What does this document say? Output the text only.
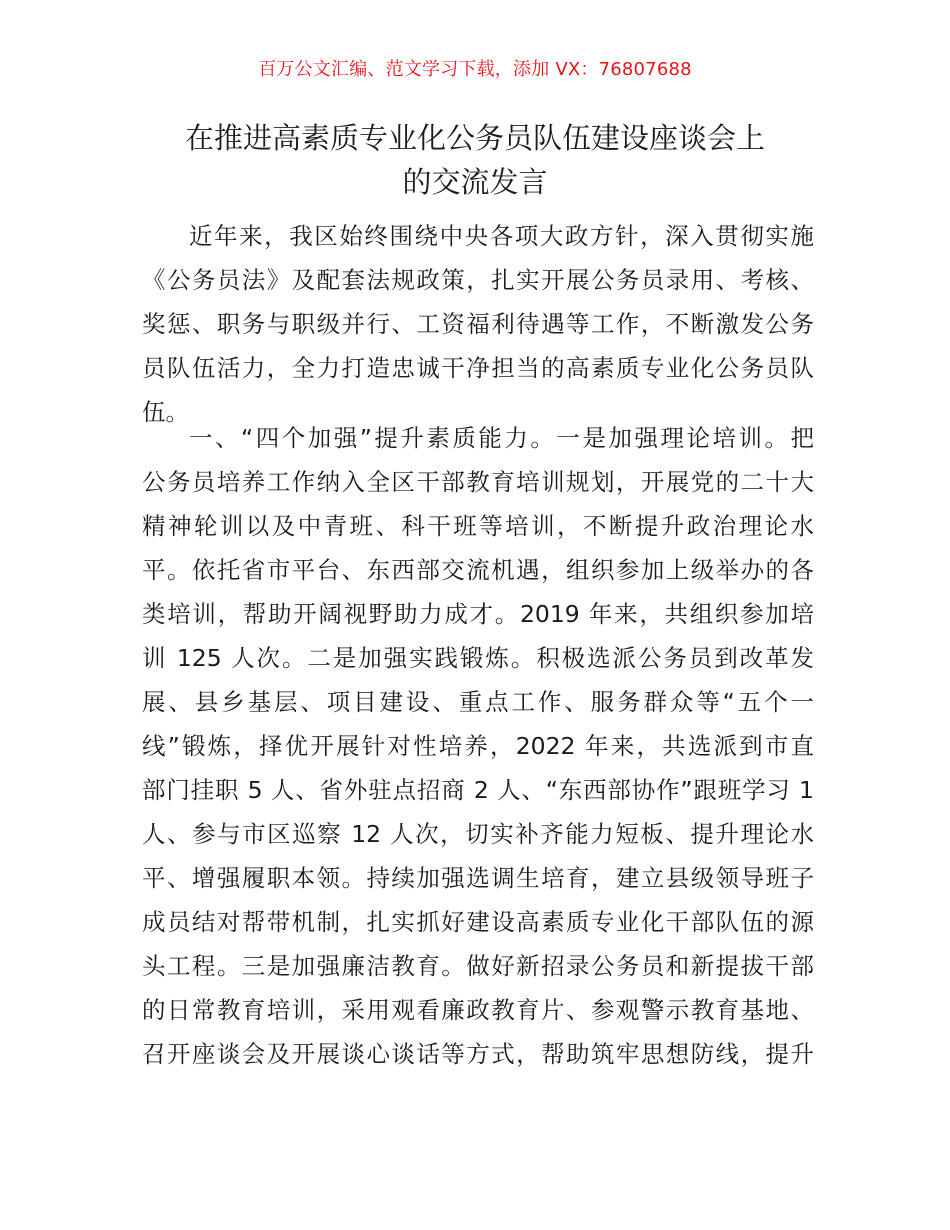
百万公文汇编、范文学习下载，添加 VX：76807688
在推进高素质专业化公务员队伍建设座谈会上
的交流发言
近年来，我区始终围绕中央各项大政方针，深入贯彻实施
《公务员法》及配套法规政策，扎实开展公务员录用、考核、
奖惩、职务与职级并行、工资福利待遇等工作，不断激发公务
员队伍活力，全力打造忠诚干净担当的高素质专业化公务员队
伍。
一、“四个加强”提升素质能力。一是加强理论培训。把
公务员培养工作纳入全区干部教育培训规划，开展党的二十大
精神轮训以及中青班、科干班等培训，不断提升政治理论水
平。依托省市平台、东西部交流机遇，组织参加上级举办的各
类培训，帮助开阔视野助力成才。2019 年来，共组织参加培
训 125 人次。二是加强实践锻炼。积极选派公务员到改革发
展、县乡基层、项目建设、重点工作、服务群众等“五个一
线”锻炼，择优开展针对性培养，2022 年来，共选派到市直
部门挂职 5 人、省外驻点招商 2 人、“东西部协作”跟班学习 1
人、参与市区巡察 12 人次，切实补齐能力短板、提升理论水
平、增强履职本领。持续加强选调生培育，建立县级领导班子
成员结对帮带机制，扎实抓好建设高素质专业化干部队伍的源
头工程。三是加强廉洁教育。做好新招录公务员和新提拔干部
的日常教育培训，采用观看廉政教育片、参观警示教育基地、
召开座谈会及开展谈心谈话等方式，帮助筑牢思想防线，提升
